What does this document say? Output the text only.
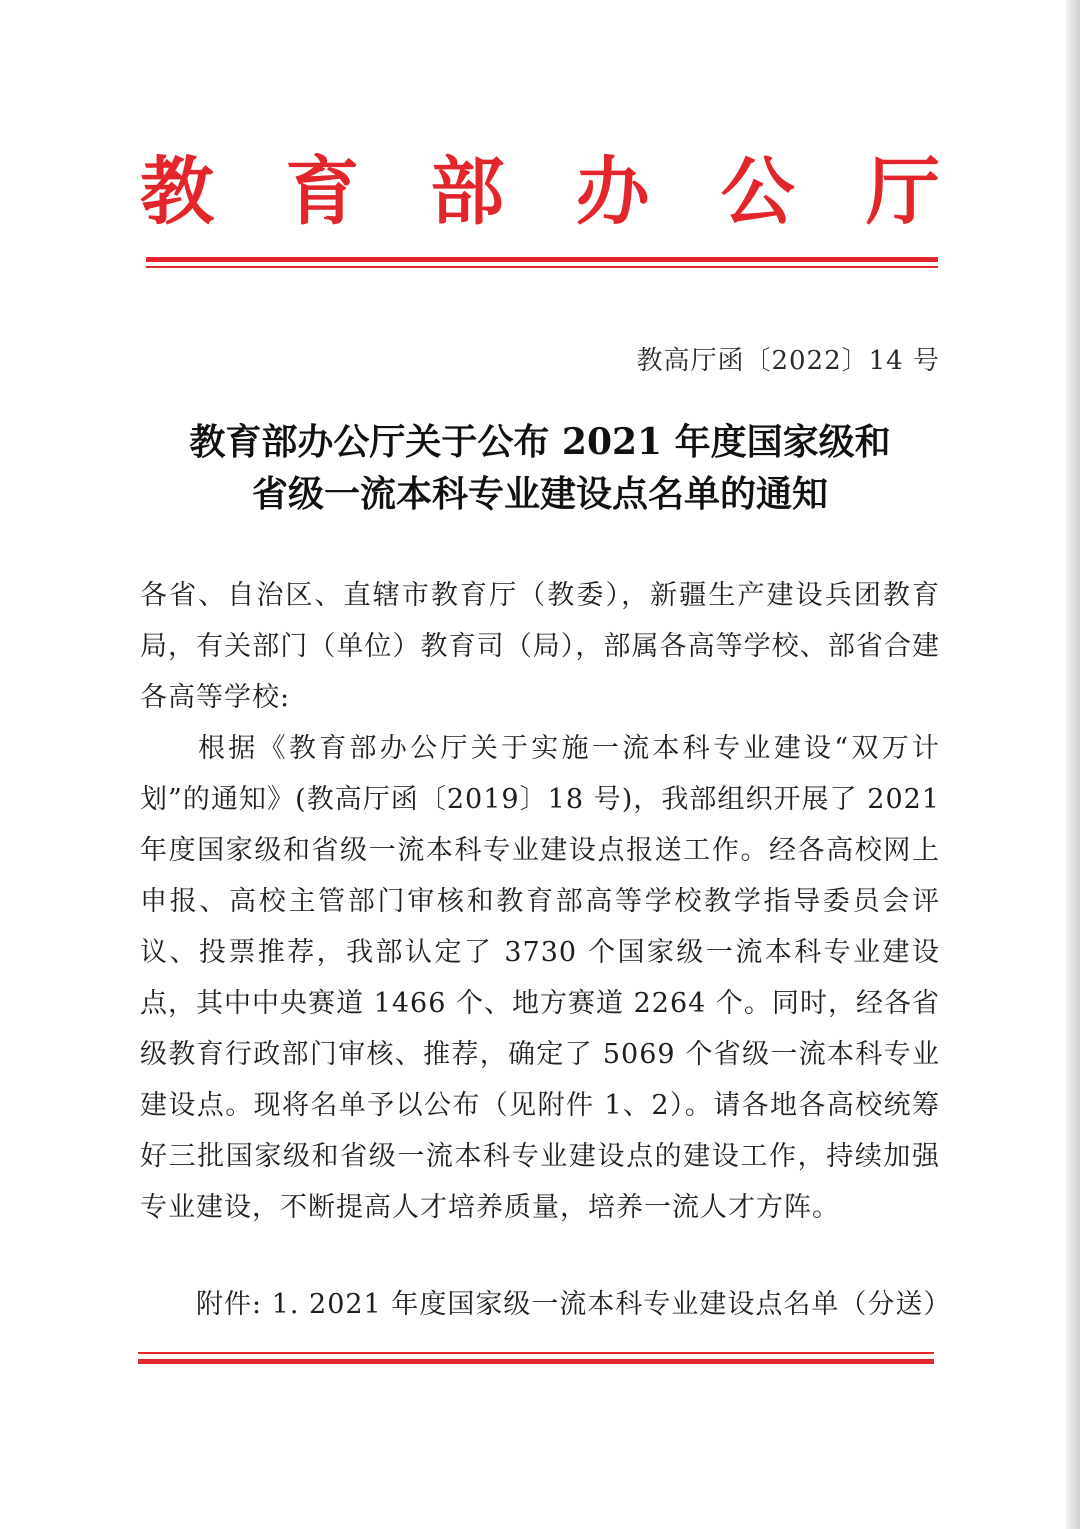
教 育 部 办 公 厅
教高厅函〔2022〕14 号
教育部办公厅关于公布 2021 年度国家级和
省级一流本科专业建设点名单的通知

各省、自治区、直辖市教育厅（教委），新疆生产建设兵团教育局，有关部门（单位）教育司（局），部属各高等学校、部省合建各高等学校:

根据《教育部办公厅关于实施一流本科专业建设“双万计划”的通知》(教高厅函〔2019〕18 号)，我部组织开展了 2021 年度国家级和省级一流本科专业建设点报送工作。经各高校网上申报、高校主管部门审核和教育部高等学校教学指导委员会评议、投票推荐，我部认定了 3730 个国家级一流本科专业建设点，其中中央赛道 1466 个、地方赛道 2264 个。同时，经各省级教育行政部门审核、推荐，确定了 5069 个省级一流本科专业建设点。现将名单予以公布（见附件 1、2）。请各地各高校统筹好三批国家级和省级一流本科专业建设点的建设工作，持续加强专业建设，不断提高人才培养质量，培养一流人才方阵。

附件: 1. 2021 年度国家级一流本科专业建设点名单（分送）
